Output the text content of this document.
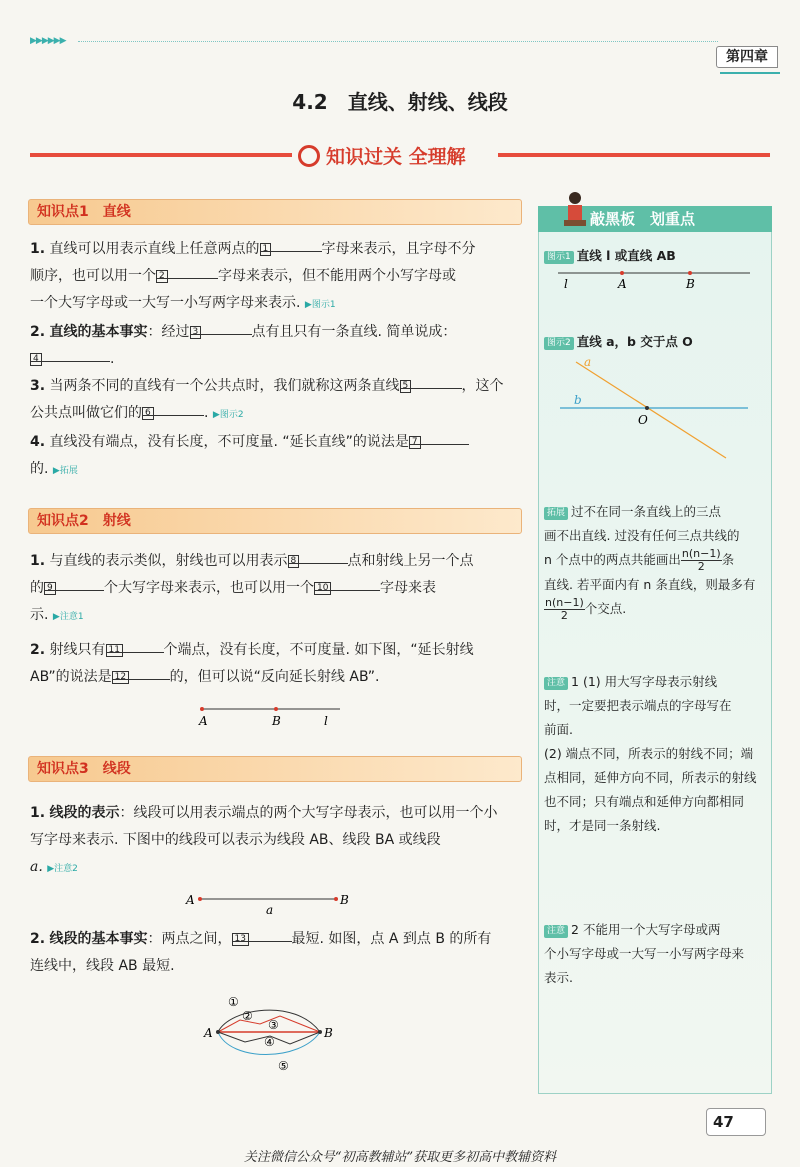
▶▶▶▶▶▶
第四章
4.2　直线、射线、线段
知识过关 全理解
知识点1　直线
1. 直线可以用表示直线上任意两点的 1	字母来表示，且字母不分
顺序，也可以用一个 2	字母来表示，但不能用两个小写字母或
一个大写字母或一大写一小写两字母来表示. ▶图示1
2. 直线的基本事实：经过 3	点有且只有一条直线. 简单说成：
4	.
3. 当两条不同的直线有一个公共点时，我们就称这两条直线 5	，这个
公共点叫做它们的 6	. ▶图示2
4. 直线没有端点，没有长度，不可度量. “延长直线”的说法是 7
的. ▶拓展
知识点2　射线
1. 与直线的表示类似，射线也可以用表示 8	点和射线上另一个点
的 9	个大写字母来表示，也可以用一个 10	字母来表
示. ▶注意1
2. 射线只有 11	个端点，没有长度，不可度量. 如下图，“延长射线
AB”的说法是 12	的，但可以说“反向延长射线 AB”.
A	B	l
知识点3　线段
1. 线段的表示：线段可以用表示端点的两个大写字母表示，也可以用一个小
写字母来表示. 下图中的线段可以表示为线段 AB、线段 BA 或线段
a. ▶注意2
A	B
a
2. 线段的基本事实：两点之间， 13	最短. 如图，点 A 到点 B 的所有
连线中，线段 AB 最短.
A	B
①
②
③
④
⑤
敲黑板　划重点
图示1 直线 l 或直线 AB
l	A	B
图示2 直线 a，b 交于点 O
a
b
O
拓展 过不在同一条直线上的三点
画不出直线. 过没有任何三点共线的
n 个点中的两点共能画出 $\frac{n(n-1)}{2}$ 条
直线. 若平面内有 n 条直线，则最多有

$\frac{n(n-1)}{2}$ 个交点.
注意 1 (1) 用大写字母表示射线
时，一定要把表示端点的字母写在
前面.
(2) 端点不同，所表示的射线不同；端
点相同，延伸方向不同，所表示的射线
也不同；只有端点和延伸方向都相同
时，才是同一条射线.
注意 2 不能用一个大写字母或两
个小写字母或一大写一小写两字母来
表示.
47
关注微信公众号“初高教辅站”获取更多初高中教辅资料
